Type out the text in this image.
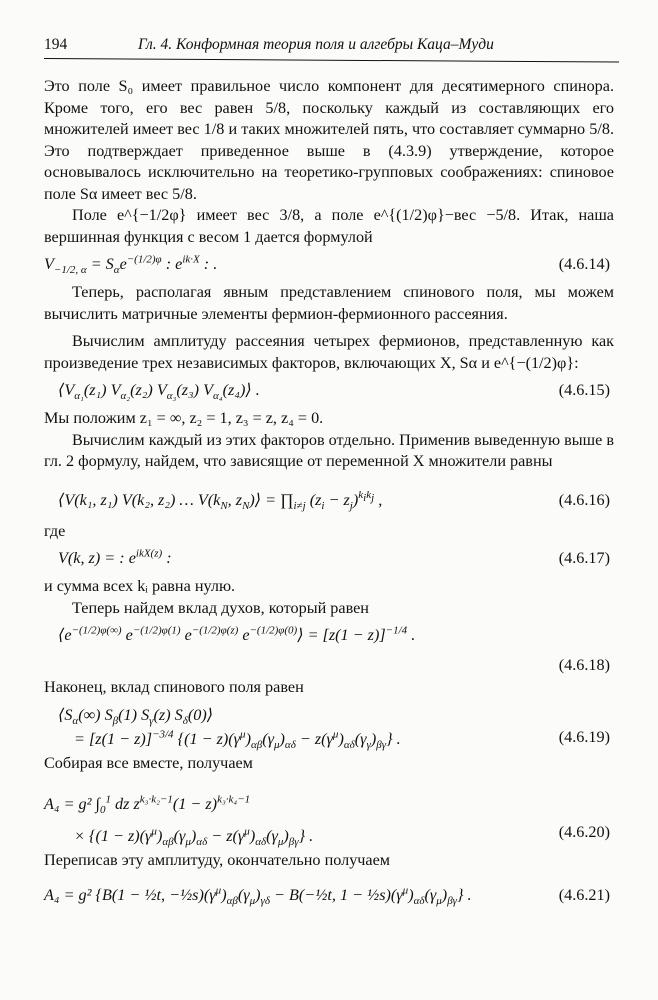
194	Гл. 4. Конформная теория поля и алгебры Каца–Муди

Это поле S₀ имеет правильное число компонент для десятимерного спинора. Кроме того, его вес равен 5/8, поскольку каждый из составляющих его множителей имеет вес 1/8 и таких множителей пять, что составляет суммарно 5/8. Это подтверждает приведенное выше в (4.3.9) утверждение, которое основывалось исключительно на теоретико-групповых соображениях: спиновое поле Sα имеет вес 5/8.

Поле e^{−1/2φ} имеет вес 3/8, а поле e^{(1/2)φ}−вес −5/8. Итак, наша вершинная функция с весом 1 дается формулой

$V_{-1/2, \alpha} = S_\alpha e^{-(1/2)\varphi}$ : $e^{ik\cdot X}$ : .	(4.6.14)

Теперь, располагая явным представлением спинового поля, мы можем вычислить матричные элементы фермион-фермионного рассеяния.

Вычислим амплитуду рассеяния четырех фермионов, представленную как произведение трех независимых факторов, включающих X, Sα и e^{−(1/2)φ}:

$⟨V_{\alpha_1}(z_1)$ $V_{\alpha_2}(z_2)$ $V_{\alpha_3}(z_3)$ $V_{\alpha_4}(z_4)⟩$ .	(4.6.15)

Мы положим z₁ = ∞, z₂ = 1, z₃ = z, z₄ = 0.

Вычислим каждый из этих факторов отдельно. Применив выведенную выше в гл. 2 формулу, найдем, что зависящие от переменной X множители равны

⟨V(k₁, z₁) V(k₂, z₂) … $V(k_N$, $z_N)⟩$ = $\prod_{i\ne j}$ $(z_i - z_j)^{k_ik_j}$ ,	(4.6.16)

где

V(k, z) = : $e^{ikX(z)}$ :	(4.6.17)

и сумма всех kᵢ равна нулю.

Теперь найдем вклад духов, который равен

$⟨e^{-(1/2)\varphi(\infty)}$ $e^{-(1/2)\varphi(1)}$ $e^{-(1/2)\varphi(z)}$ $e^{-(1/2)\varphi(0)}⟩ = [z(1 - z)]^{-1/4}$ .
(4.6.18)

Наконец, вклад спинового поля равен

$⟨S_\alpha(\infty)$ $S_\beta(1)$ $S_\gamma(z)$ $S_\delta(0)⟩$
= $[z(1 - z)]^{-3/4}$ $\{(1 - z)(\gamma^\mu)_{\alpha\beta}(\gamma_\mu)_{\alpha\delta} - z(\gamma^\mu)_{\alpha\delta}(\gamma_\gamma)_{\beta\gamma}\}$ .	(4.6.19)

Собирая все вместе, получаем

A₄ = g² $\int_0^1$ dz $z^{k_3\cdot k_2-1}(1 - z)^{k_3\cdot k_4-1}$
× $\{(1 - z)(\gamma^\mu)_{\alpha\beta}(\gamma_\mu)_{\alpha\delta} - z(\gamma^\mu)_{\alpha\delta}(\gamma_\mu)_{\beta\gamma}\}$ .	(4.6.20)

Переписав эту амплитуду, окончательно получаем

A₄ = g² {B(1 − ½t, $-\frac{1}{2}s)(\gamma^\mu)_{\alpha\beta}(\gamma_\mu)_{\gamma\delta}$ − B(−½t, $1 - \frac{1}{2}s)(\gamma^\mu)_{\alpha\delta}(\gamma_\mu)_{\beta\gamma}$} .	(4.6.21)
